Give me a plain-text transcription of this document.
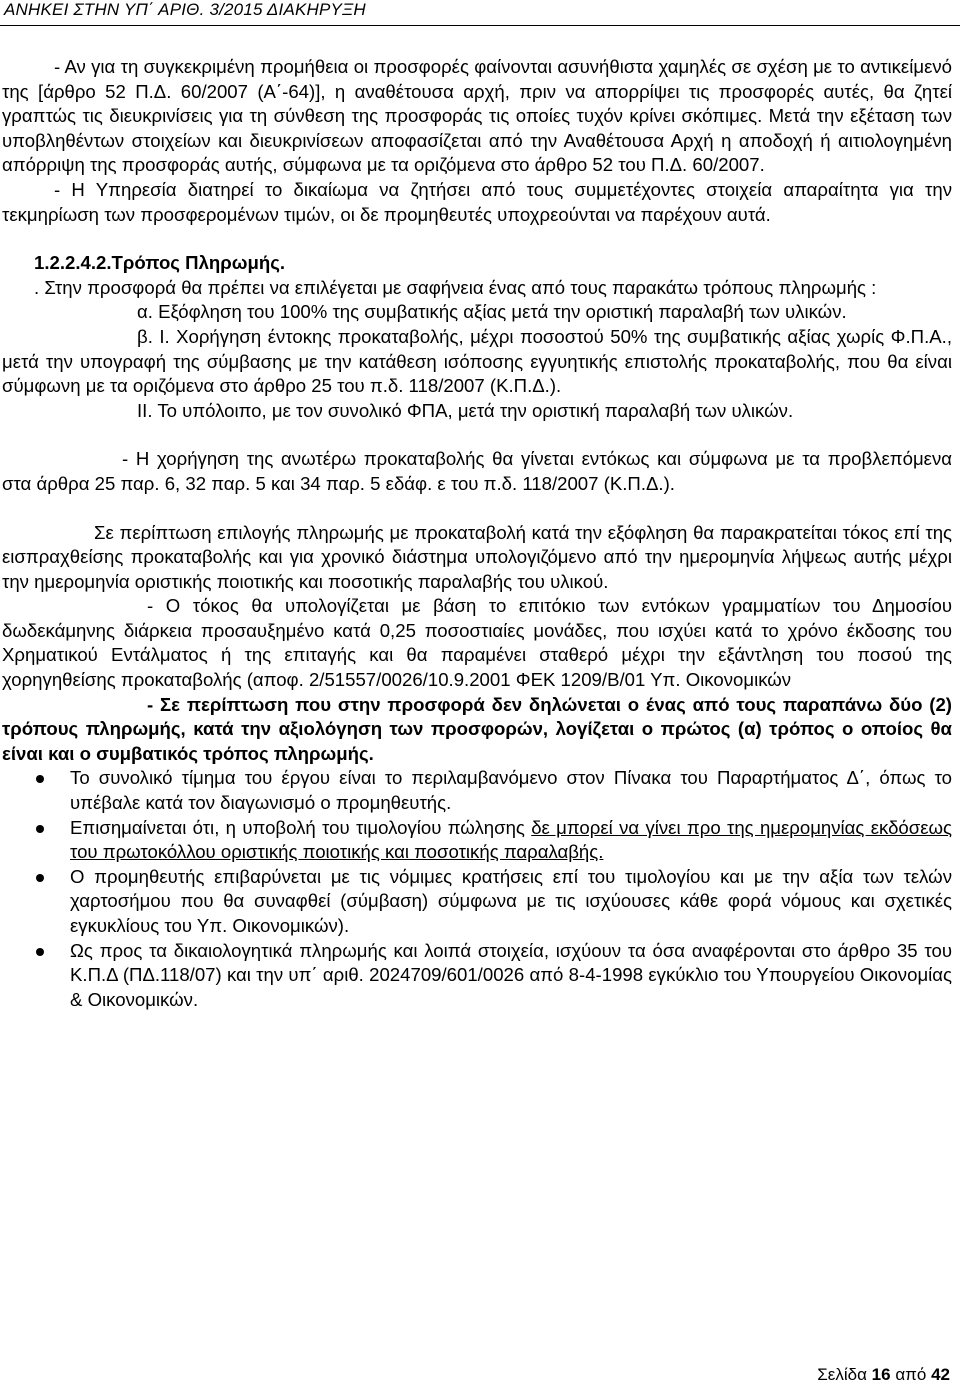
ΑΝΗΚΕΙ ΣΤΗΝ ΥΠ΄ ΑΡΙΘ. 3/2015 ΔΙΑΚΗΡΥΞΗ

- Αν για τη συγκεκριμένη προμήθεια οι προσφορές φαίνονται ασυνήθιστα χαμηλές σε σχέση με το αντικείμενό της [άρθρο 52 Π.Δ. 60/2007 (Α΄-64)], η αναθέτουσα αρχή, πριν να απορρίψει τις προσφορές αυτές, θα ζητεί γραπτώς τις διευκρινίσεις για τη σύνθεση της προσφοράς τις οποίες τυχόν κρίνει σκόπιμες. Μετά την εξέταση των υποβληθέντων στοιχείων και διευκρινίσεων αποφασίζεται από την Αναθέτουσα Αρχή η αποδοχή ή αιτιολογημένη απόρριψη της προσφοράς αυτής, σύμφωνα με τα οριζόμενα στο άρθρο 52 του Π.Δ. 60/2007.

- Η Υπηρεσία διατηρεί το δικαίωμα να ζητήσει από τους συμμετέχοντες στοιχεία απαραίτητα για την τεκμηρίωση των προσφερομένων τιμών, οι δε προμηθευτές υποχρεούνται να παρέχουν αυτά.

1.2.2.4.2.Τρόπος Πληρωμής.

. Στην προσφορά θα πρέπει να επιλέγεται με σαφήνεια ένας από τους παρακάτω τρόπους πληρωμής :

α. Εξόφληση του 100% της συμβατικής αξίας μετά την οριστική παραλαβή των υλικών.

β. Ι. Χορήγηση έντοκης προκαταβολής, μέχρι ποσοστού 50% της συμβατικής αξίας χωρίς Φ.Π.Α., μετά την υπογραφή της σύμβασης με την κατάθεση ισόποσης εγγυητικής επιστολής προκαταβολής, που θα είναι σύμφωνη με τα οριζόμενα στο άρθρο 25 του π.δ. 118/2007 (Κ.Π.Δ.).

ΙΙ. Το υπόλοιπο, με τον συνολικό ΦΠΑ, μετά την οριστική παραλαβή των υλικών.

- Η χορήγηση της ανωτέρω προκαταβολής θα γίνεται εντόκως και σύμφωνα με τα προβλεπόμενα στα άρθρα 25 παρ. 6, 32 παρ. 5 και 34 παρ. 5 εδάφ. ε του π.δ. 118/2007 (Κ.Π.Δ.).

Σε περίπτωση επιλογής πληρωμής με προκαταβολή κατά την εξόφληση θα παρακρατείται τόκος επί της εισπραχθείσης προκαταβολής και για χρονικό διάστημα υπολογιζόμενο από την ημερομηνία λήψεως αυτής μέχρι την ημερομηνία οριστικής ποιοτικής και ποσοτικής παραλαβής του υλικού.

- Ο τόκος θα υπολογίζεται με βάση το επιτόκιο των εντόκων γραμματίων του Δημοσίου δωδεκάμηνης διάρκεια προσαυξημένο κατά 0,25 ποσοστιαίες μονάδες, που ισχύει κατά το χρόνο έκδοσης του Χρηματικού Εντάλματος ή της επιταγής και θα παραμένει σταθερό μέχρι την εξάντληση του ποσού της χορηγηθείσης προκαταβολής (αποφ. 2/51557/0026/10.9.2001 ΦΕΚ 1209/Β/01 Υπ. Οικονομικών

- Σε περίπτωση που στην προσφορά δεν δηλώνεται ο ένας από τους παραπάνω δύο (2) τρόπους πληρωμής, κατά την αξιολόγηση των προσφορών, λογίζεται ο πρώτος (α) τρόπος ο οποίος θα είναι και ο συμβατικός τρόπος πληρωμής.

Το συνολικό τίμημα του έργου είναι το περιλαμβανόμενο στον Πίνακα του Παραρτήματος Δ΄, όπως το υπέβαλε κατά τον διαγωνισμό ο προμηθευτής.
Επισημαίνεται ότι, η υποβολή του τιμολογίου πώλησης δε μπορεί να γίνει προ της ημερομηνίας εκδόσεως του πρωτοκόλλου οριστικής ποιοτικής και ποσοτικής παραλαβής.
Ο προμηθευτής επιβαρύνεται με τις νόμιμες κρατήσεις επί του τιμολογίου και με την αξία των τελών χαρτοσήμου που θα συναφθεί (σύμβαση) σύμφωνα με τις ισχύουσες κάθε φορά νόμους και σχετικές εγκυκλίους του Υπ. Οικονομικών).
Ως προς τα δικαιολογητικά πληρωμής και λοιπά στοιχεία, ισχύουν τα όσα αναφέρονται στο άρθρο 35 του Κ.Π.Δ (ΠΔ.118/07) και την υπ΄ αριθ. 2024709/601/0026 από 8-4-1998 εγκύκλιο του Υπουργείου Οικονομίας & Οικονομικών.
Σελίδα 16 από 42
